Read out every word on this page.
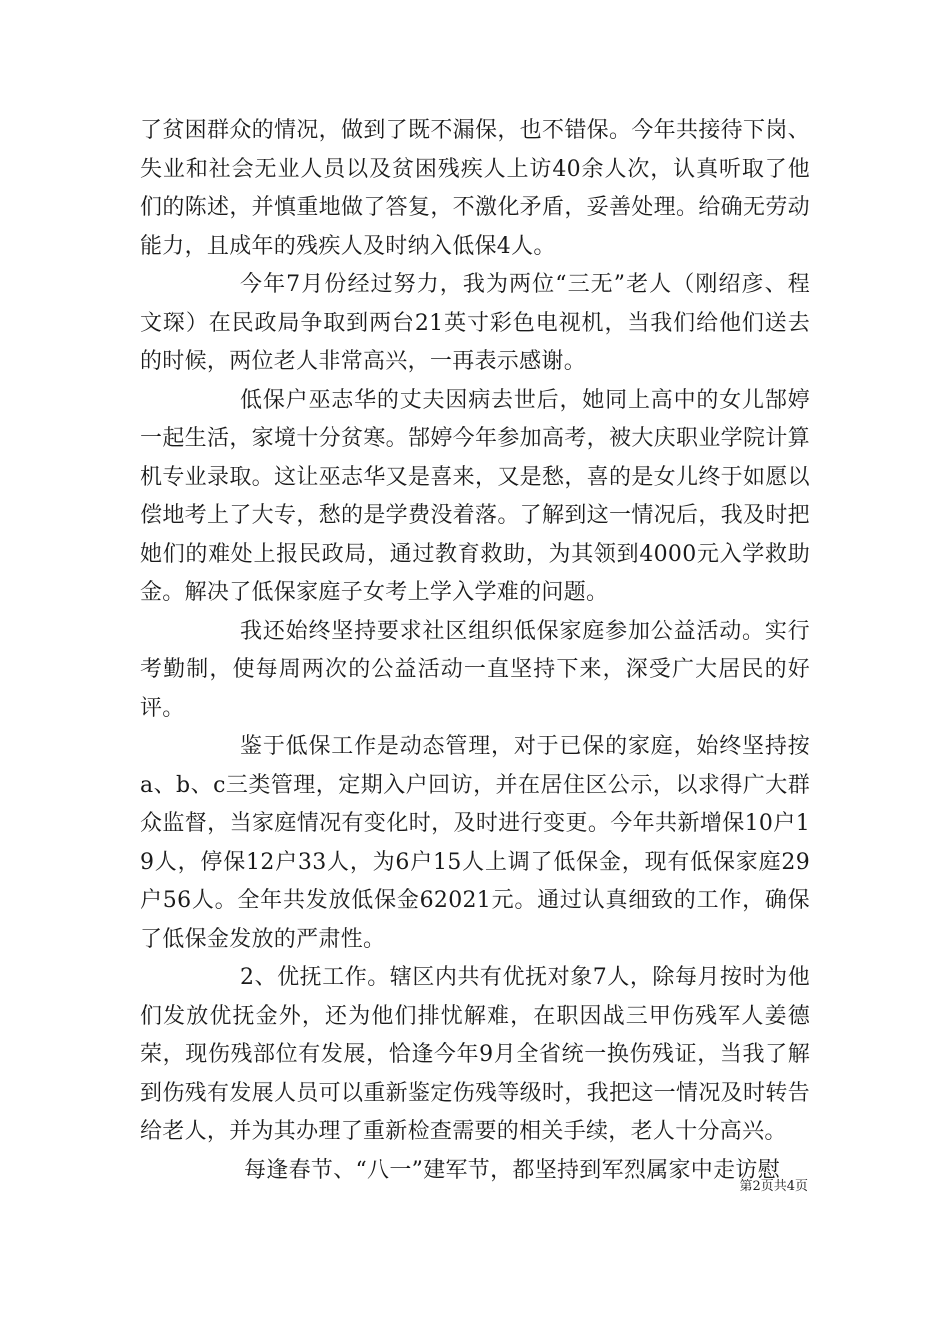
了贫困群众的情况，做到了既不漏保，也不错保。今年共接待下岗、失业和社会无业人员以及贫困残疾人上访40余人次，认真听取了他们的陈述，并慎重地做了答复，不激化矛盾，妥善处理。给确无劳动能力，且成年的残疾人及时纳入低保4人。

今年7月份经过努力，我为两位“三无”老人（刚绍彦、程文琛）在民政局争取到两台21英寸彩色电视机，当我们给他们送去的时候，两位老人非常高兴，一再表示感谢。

低保户巫志华的丈夫因病去世后，她同上高中的女儿郜婷一起生活，家境十分贫寒。郜婷今年参加高考，被大庆职业学院计算机专业录取。这让巫志华又是喜来，又是愁，喜的是女儿终于如愿以偿地考上了大专，愁的是学费没着落。了解到这一情况后，我及时把她们的难处上报民政局，通过教育救助，为其领到4000元入学救助金。解决了低保家庭子女考上学入学难的问题。

我还始终坚持要求社区组织低保家庭参加公益活动。实行考勤制，使每周两次的公益活动一直坚持下来，深受广大居民的好评。

鉴于低保工作是动态管理，对于已保的家庭，始终坚持按a、b、c三类管理，定期入户回访，并在居住区公示，以求得广大群众监督，当家庭情况有变化时，及时进行变更。今年共新增保10户19人，停保12户33人，为6户15人上调了低保金，现有低保家庭29户56人。全年共发放低保金62021元。通过认真细致的工作，确保了低保金发放的严肃性。

2、优抚工作。辖区内共有优抚对象7人，除每月按时为他们发放优抚金外，还为他们排忧解难，在职因战三甲伤残军人姜德荣，现伤残部位有发展，恰逢今年9月全省统一换伤残证，当我了解到伤残有发展人员可以重新鉴定伤残等级时，我把这一情况及时转告给老人，并为其办理了重新检查需要的相关手续，老人十分高兴。

每逢春节、“八一”建军节，都坚持到军烈属家中走访慰

第2页共4页
